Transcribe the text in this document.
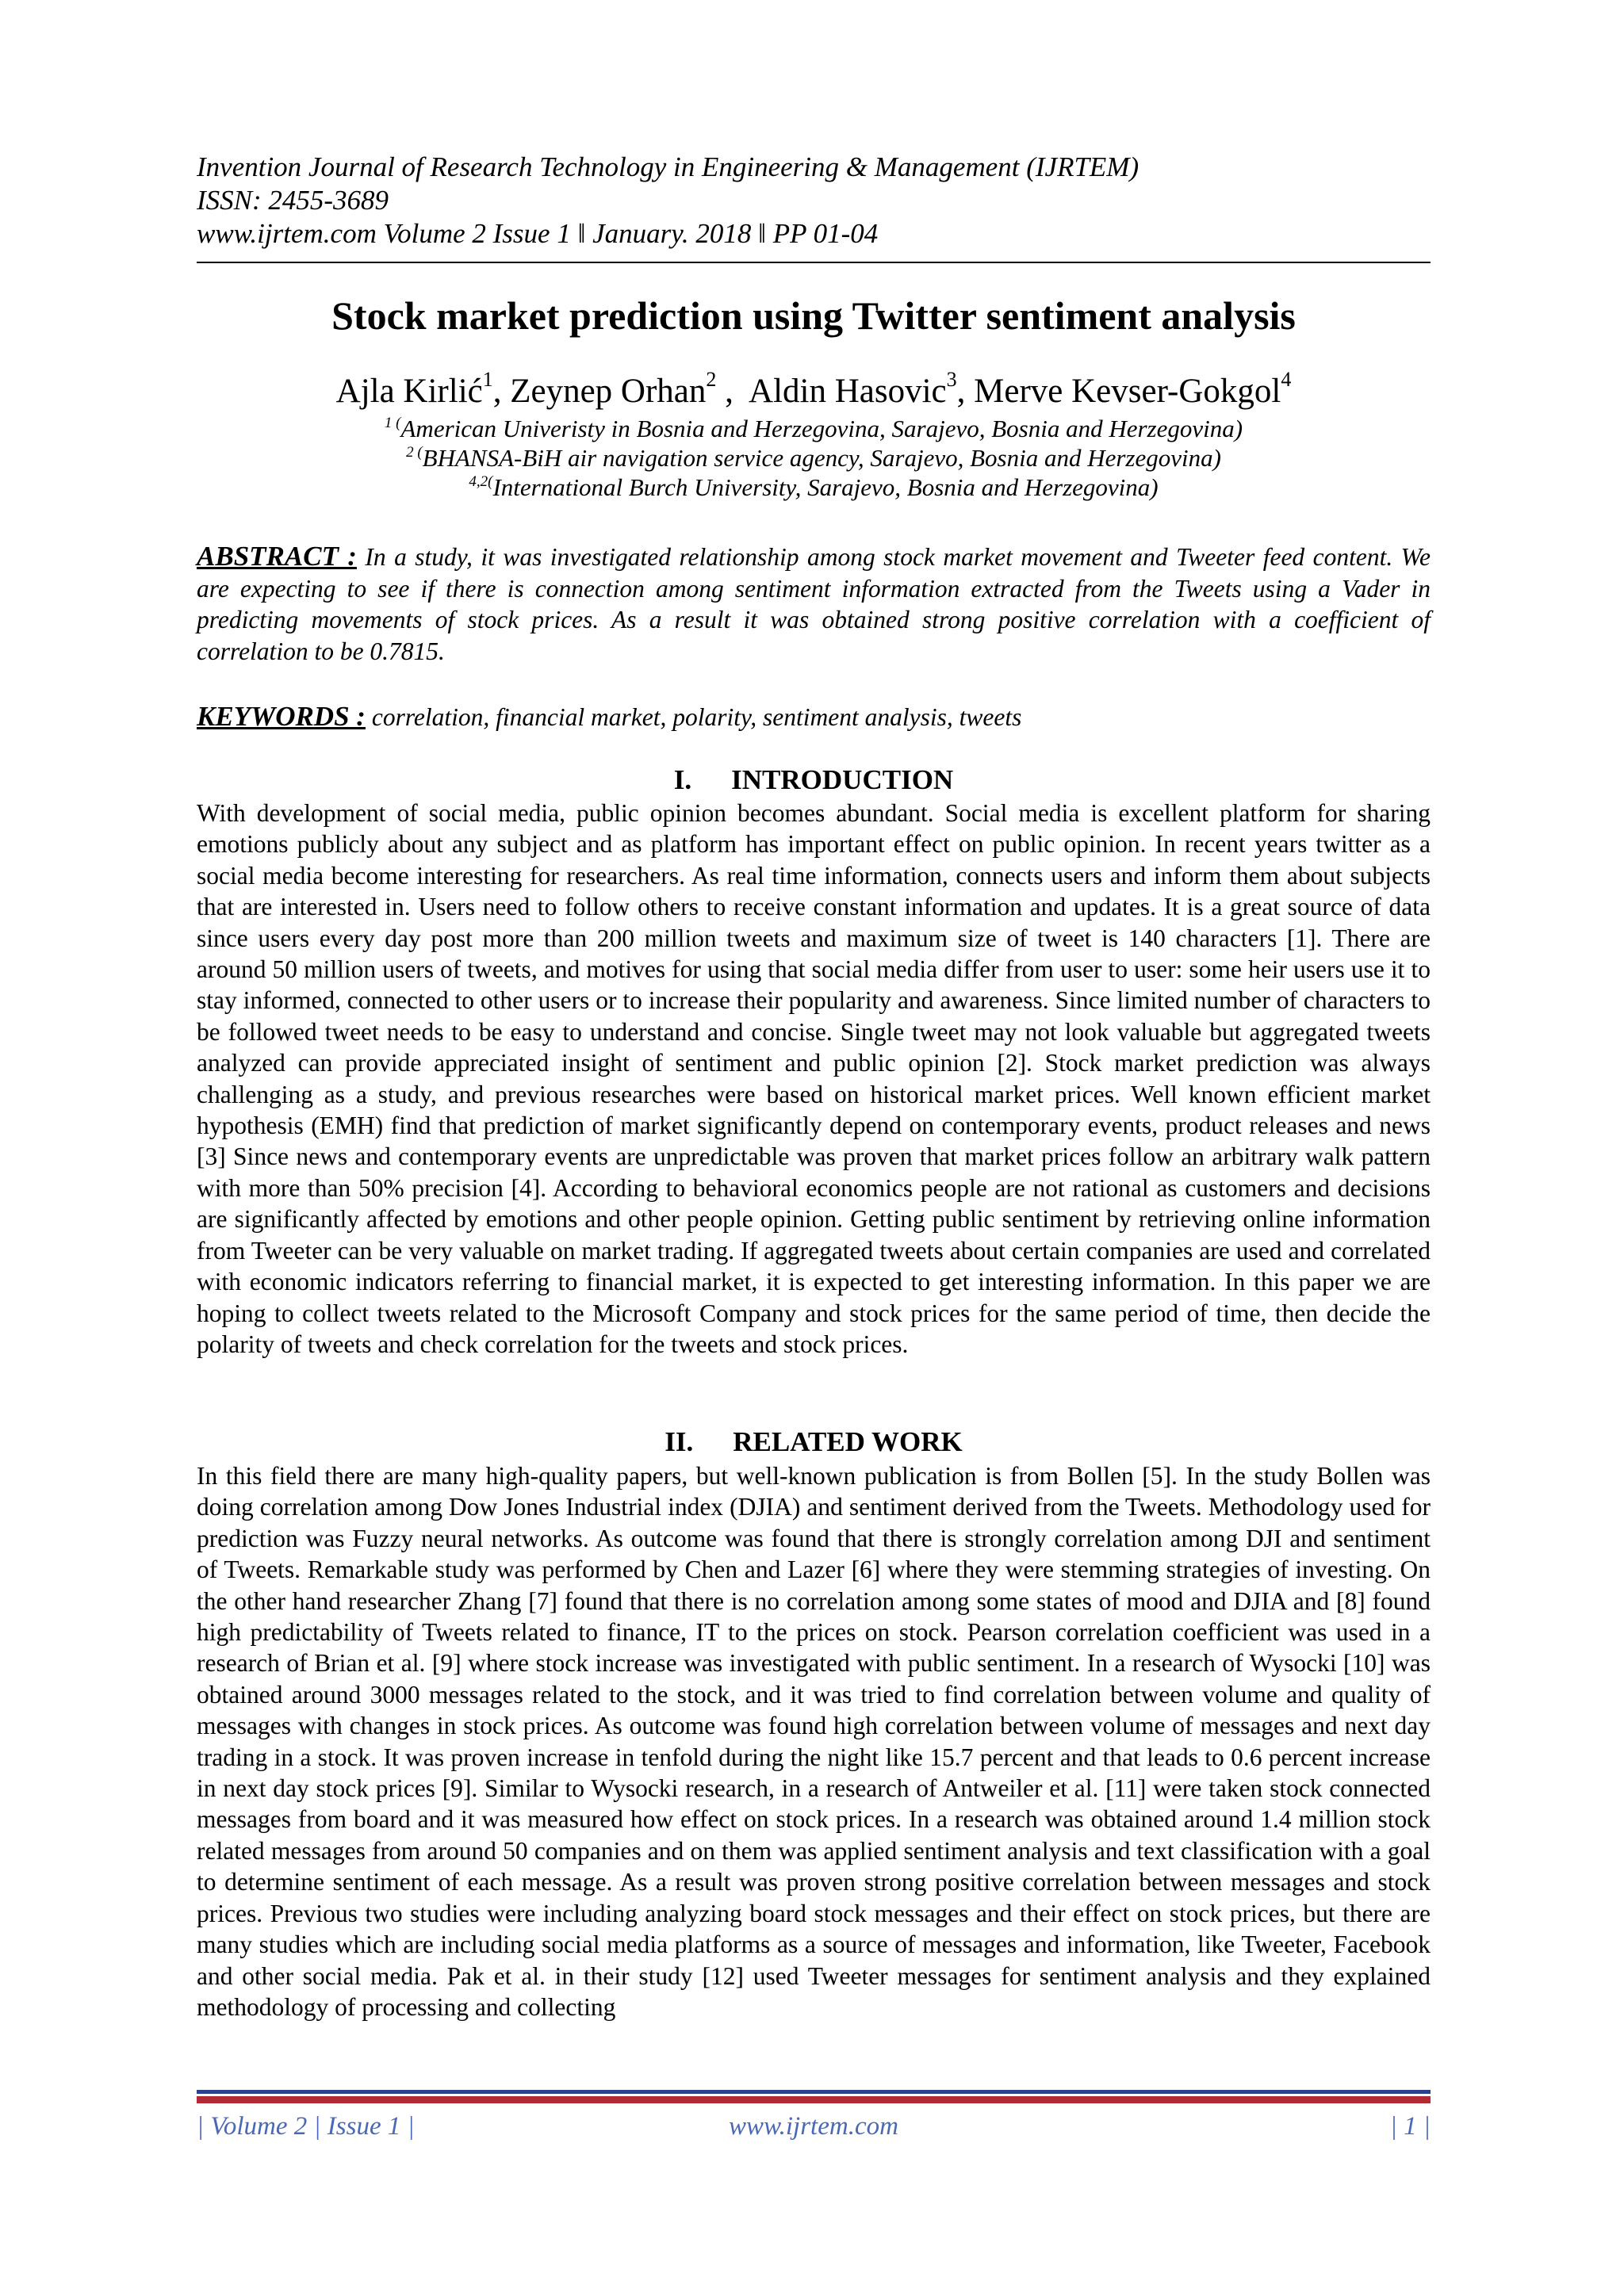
Invention Journal of Research Technology in Engineering & Management (IJRTEM)

ISSN: 2455-3689

www.ijrtem.com Volume 2 Issue 1 ǁ January. 2018 ǁ PP 01-04

Stock market prediction using Twitter sentiment analysis
Ajla Kirlić$^1$, Zeynep Orhan$^2$ ,  Aldin Hasovic$^3$, Merve Kevser-Gokgol$^4$

$^{1 (}$American Univeristy in Bosnia and Herzegovina, Sarajevo, Bosnia and Herzegovina)

$^{2 (}$BHANSA-BiH air navigation service agency, Sarajevo, Bosnia and Herzegovina)

$^{4,2(}$International Burch University, Sarajevo, Bosnia and Herzegovina)

ABSTRACT : In a study, it was investigated relationship among stock market movement and Tweeter feed content. We are expecting to see if there is connection among sentiment information extracted from the Tweets using a Vader in predicting movements of stock prices. As a result it was obtained strong positive correlation with a coefficient of correlation to be 0.7815.

KEYWORDS : correlation, financial market, polarity, sentiment analysis, tweets

I. INTRODUCTION

With development of social media, public opinion becomes abundant. Social media is excellent platform for sharing emotions publicly about any subject and as platform has important effect on public opinion. In recent years twitter as a social media become interesting for researchers. As real time information, connects users and inform them about subjects that are interested in. Users need to follow others to receive constant information and updates. It is a great source of data since users every day post more than 200 million tweets and maximum size of tweet is 140 characters [1]. There are around 50 million users of tweets, and motives for using that social media differ from user to user: some heir users use it to stay informed, connected to other users or to increase their popularity and awareness. Since limited number of characters to be followed tweet needs to be easy to understand and concise. Single tweet may not look valuable but aggregated tweets analyzed can provide appreciated insight of sentiment and public opinion [2]. Stock market prediction was always challenging as a study, and previous researches were based on historical market prices. Well known efficient market hypothesis (EMH) find that prediction of market significantly depend on contemporary events, product releases and news [3] Since news and contemporary events are unpredictable was proven that market prices follow an arbitrary walk pattern with more than 50% precision [4]. According to behavioral economics people are not rational as customers and decisions are significantly affected by emotions and other people opinion. Getting public sentiment by retrieving online information from Tweeter can be very valuable on market trading. If aggregated tweets about certain companies are used and correlated with economic indicators referring to financial market, it is expected to get interesting information. In this paper we are hoping to collect tweets related to the Microsoft Company and stock prices for the same period of time, then decide the polarity of tweets and check correlation for the tweets and stock prices.

II. RELATED WORK

In this field there are many high-quality papers, but well-known publication is from Bollen [5]. In the study Bollen was doing correlation among Dow Jones Industrial index (DJIA) and sentiment derived from the Tweets. Methodology used for prediction was Fuzzy neural networks. As outcome was found that there is strongly correlation among DJI and sentiment of Tweets. Remarkable study was performed by Chen and Lazer [6] where they were stemming strategies of investing. On the other hand researcher Zhang [7] found that there is no correlation among some states of mood and DJIA and [8] found high predictability of Tweets related to finance, IT to the prices on stock. Pearson correlation coefficient was used in a research of Brian et al. [9] where stock increase was investigated with public sentiment. In a research of Wysocki [10] was obtained around 3000 messages related to the stock, and it was tried to find correlation between volume and quality of messages with changes in stock prices. As outcome was found high correlation between volume of messages and next day trading in a stock. It was proven increase in tenfold during the night like 15.7 percent and that leads to 0.6 percent increase in next day stock prices [9]. Similar to Wysocki research, in a research of Antweiler et al. [11] were taken stock connected messages from board and it was measured how effect on stock prices. In a research was obtained around 1.4 million stock related messages from around 50 companies and on them was applied sentiment analysis and text classification with a goal to determine sentiment of each message. As a result was proven strong positive correlation between messages and stock prices. Previous two studies were including analyzing board stock messages and their effect on stock prices, but there are many studies which are including social media platforms as a source of messages and information, like Tweeter, Facebook and other social media. Pak et al. in their study [12] used Tweeter messages for sentiment analysis and they explained methodology of processing and collecting

| Volume 2 | Issue 1 |	www.ijrtem.com	| 1 |
